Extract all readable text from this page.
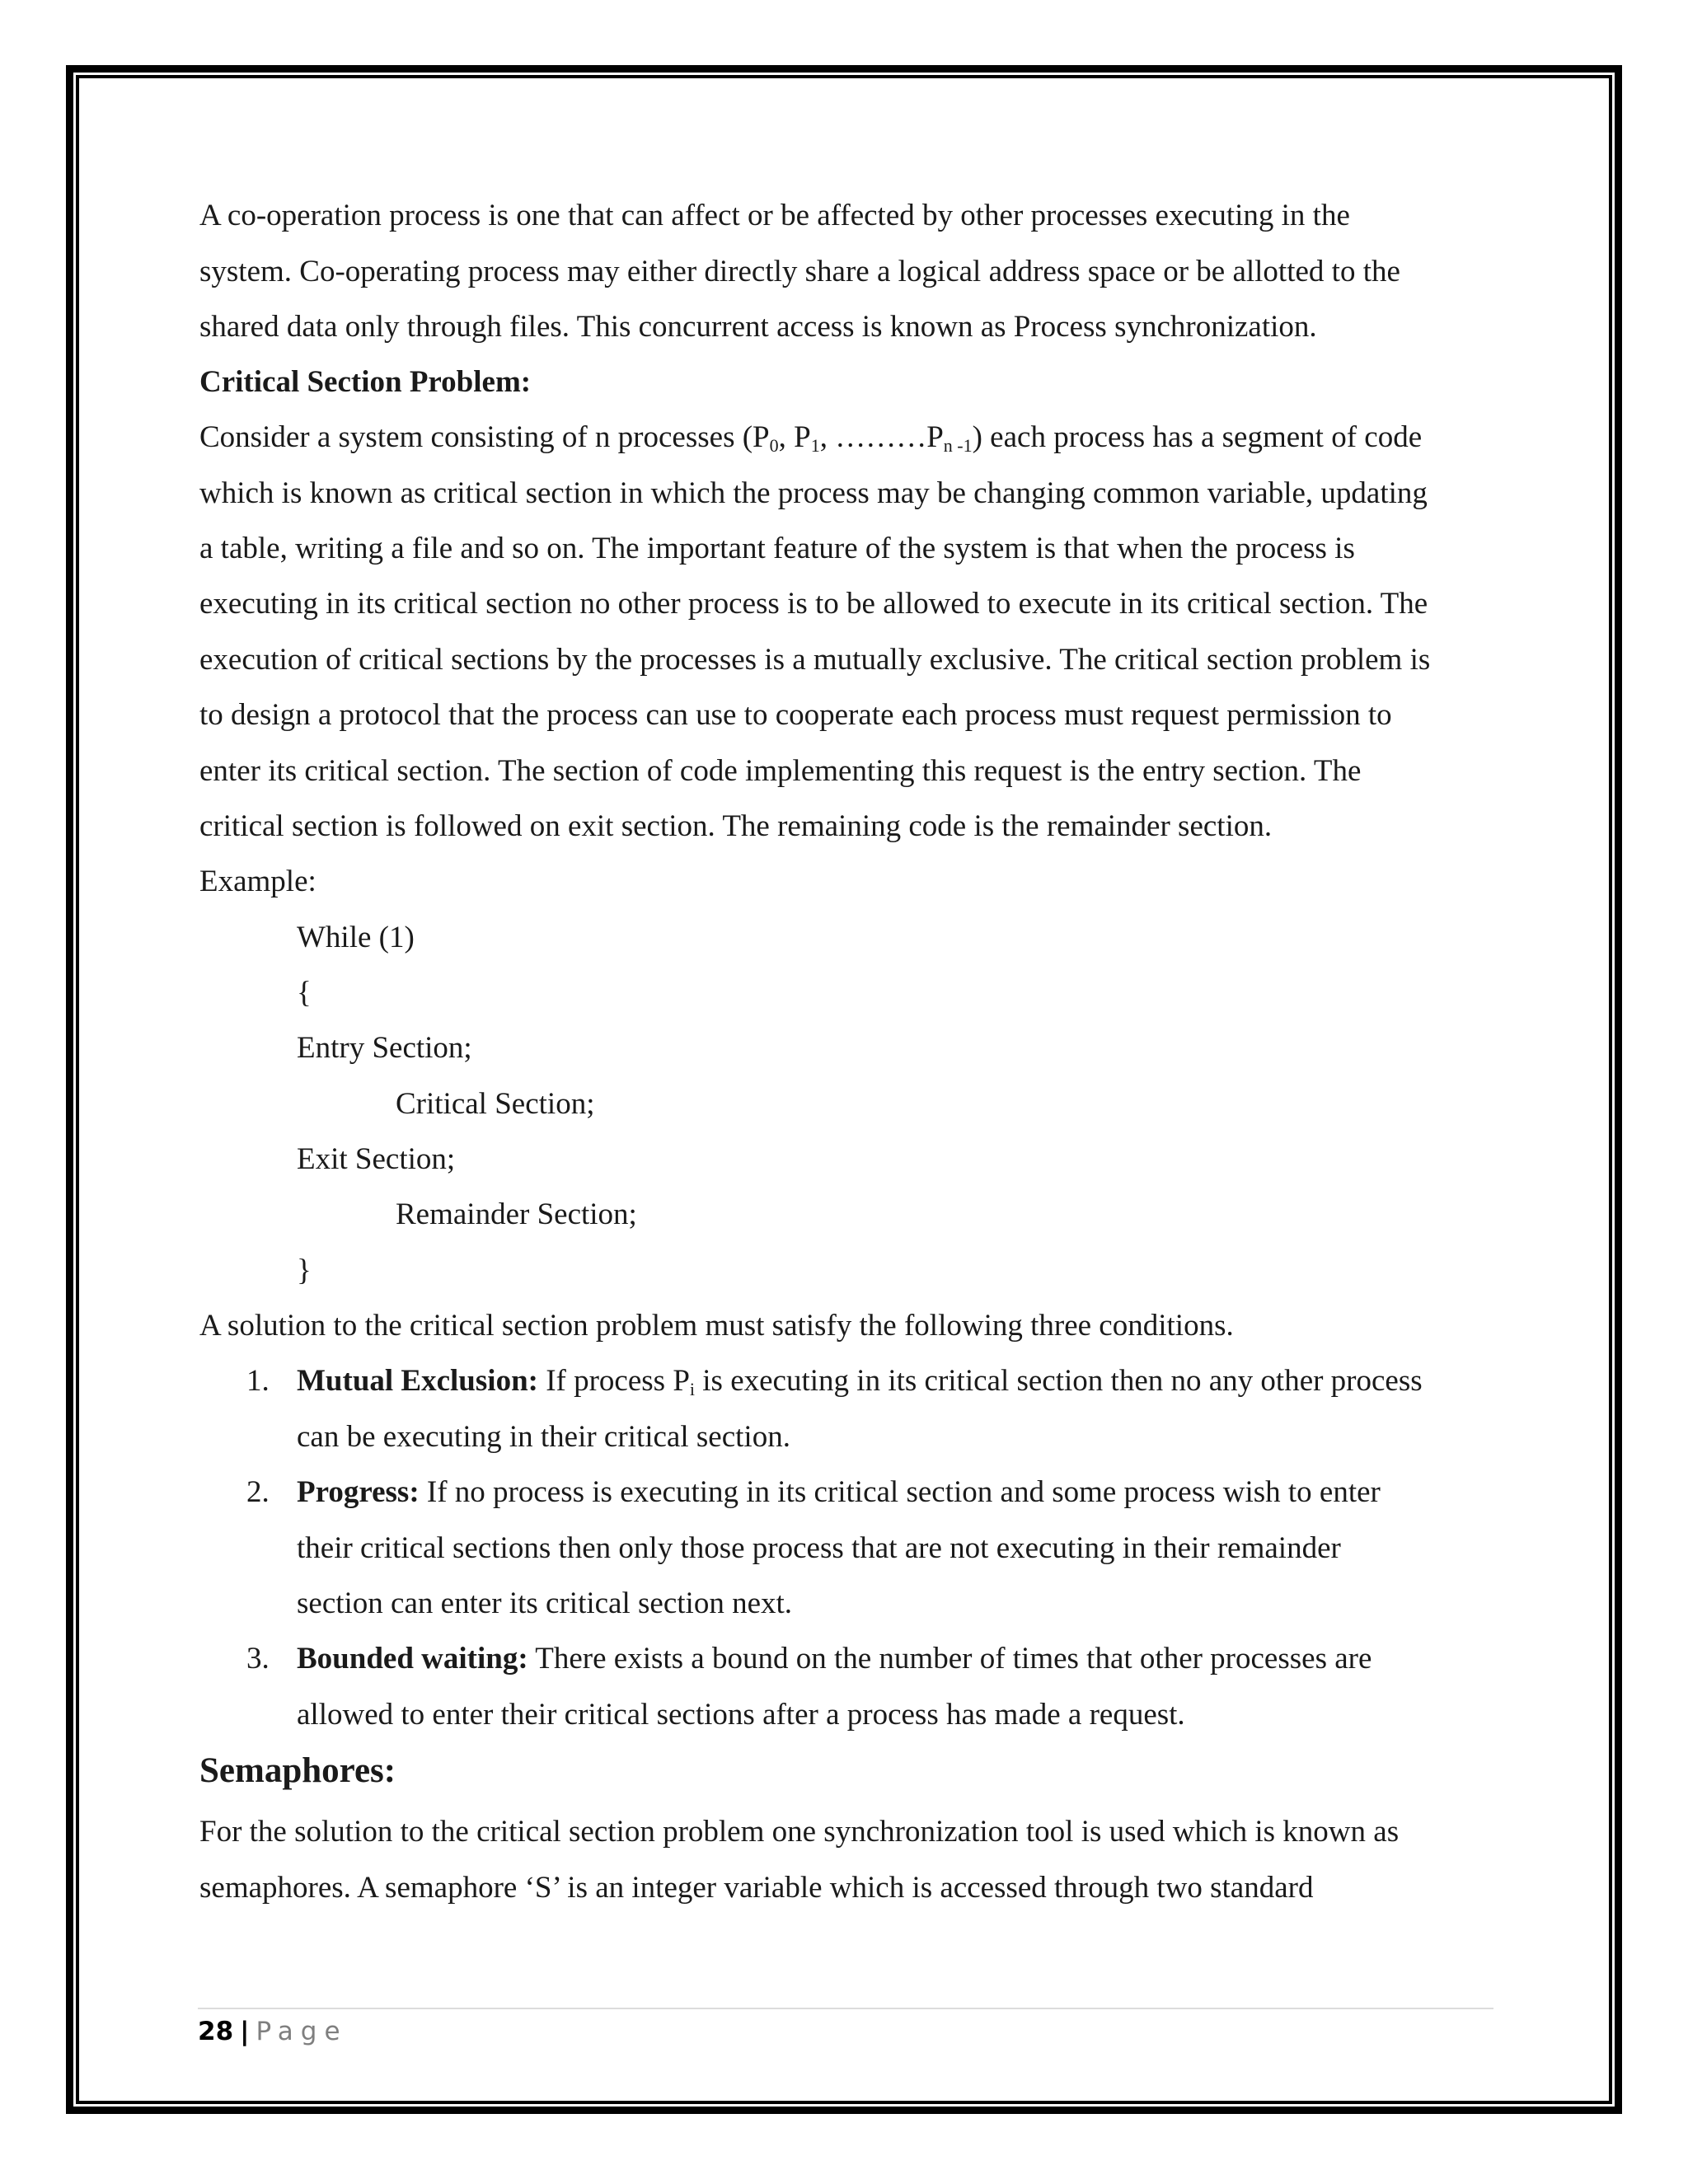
A co-operation process is one that can affect or be affected by other processes executing in the
system. Co-operating process may either directly share a logical address space or be allotted to the
shared data only through files. This concurrent access is known as Process synchronization.
Critical Section Problem:
Consider a system consisting of n processes ($P_0$, $P_1$, $\dots\dots\dots P_{n -1}$) each process has a segment of code
which is known as critical section in which the process may be changing common variable, updating
a table, writing a file and so on. The important feature of the system is that when the process is
executing in its critical section no other process is to be allowed to execute in its critical section. The
execution of critical sections by the processes is a mutually exclusive. The critical section problem is
to design a protocol that the process can use to cooperate each process must request permission to
enter its critical section. The section of code implementing this request is the entry section. The
critical section is followed on exit section. The remaining code is the remainder section.
Example:
While (1)
{
Entry Section;
Critical Section;
Exit Section;
Remainder Section;
}
A solution to the critical section problem must satisfy the following three conditions.
1. Mutual Exclusion: If process $P_i$ is executing in its critical section then no any other process
can be executing in their critical section.
2. Progress: If no process is executing in its critical section and some process wish to enter
their critical sections then only those process that are not executing in their remainder
section can enter its critical section next.
3. Bounded waiting: There exists a bound on the number of times that other processes are
allowed to enter their critical sections after a process has made a request.
Semaphores:
For the solution to the critical section problem one synchronization tool is used which is known as
semaphores. A semaphore ‘S’ is an integer variable which is accessed through two standard
28 | Page
